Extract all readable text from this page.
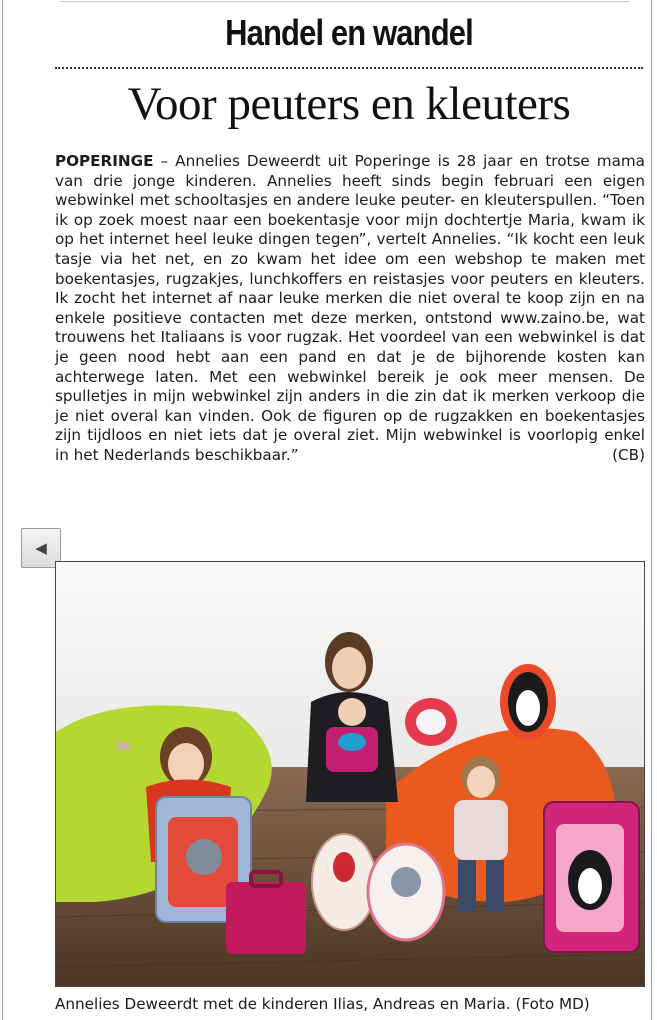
Handel en wandel
Voor peuters en kleuters

POPERINGE – Annelies Deweerdt uit Poperinge is 28 jaar en trotse mama van drie jonge kinderen. Annelies heeft sinds begin februari een eigen webwinkel met schooltasjes en andere leuke peuter- en kleuterspullen. “Toen ik op zoek moest naar een boekentasje voor mijn dochtertje Maria, kwam ik op het internet heel leuke dingen tegen”, vertelt Annelies. “Ik kocht een leuk tasje via het net, en zo kwam het idee om een webshop te maken met boekentasjes, rugzakjes, lunchkoffers en reistasjes voor peuters en kleuters. Ik zocht het internet af naar leuke merken die niet overal te koop zijn en na enkele positieve contacten met deze merken, ontstond www.zaino.be, wat trouwens het Italiaans is voor rugzak. Het voordeel van een webwinkel is dat je geen nood hebt aan een pand en dat je de bijhorende kosten kan achterwege laten. Met een webwinkel bereik je ook meer mensen. De spulletjes in mijn webwinkel zijn anders in die zin dat ik merken verkoop die je niet overal kan vinden. Ook de figuren op de rugzakken en boekentasjes zijn tijdloos en niet iets dat je overal ziet. Mijn webwinkel is voorlopig enkel in het Nederlands beschikbaar.”	(CB)

◀
Annelies Deweerdt met de kinderen Ilias, Andreas en Maria. (Foto MD)
